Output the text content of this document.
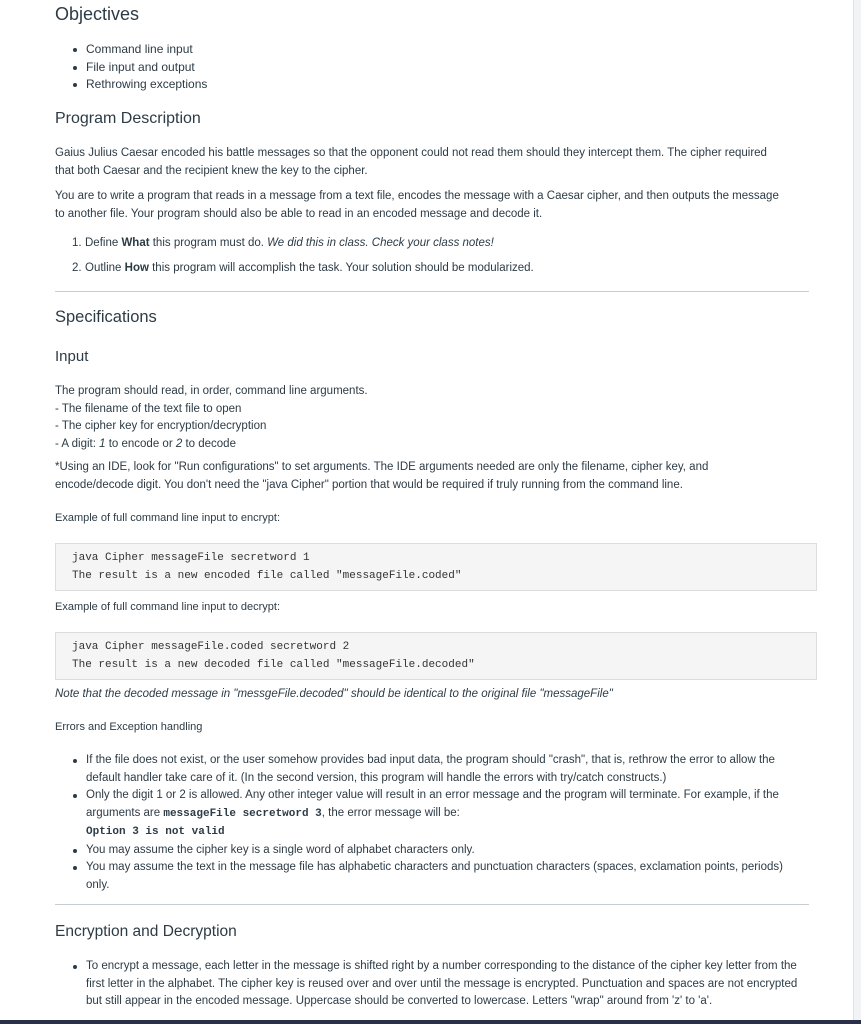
Objectives
Command line input
File input and output
Rethrowing exceptions
Program Description

Gaius Julius Caesar encoded his battle messages so that the opponent could not read them should they intercept them. The cipher required that both Caesar and the recipient knew the key to the cipher.

You are to write a program that reads in a message from a text file, encodes the message with a Caesar cipher, and then outputs the message to another file. Your program should also be able to read in an encoded message and decode it.

1. Define What this program must do. We did this in class. Check your class notes!
2. Outline How this program will accomplish the task. Your solution should be modularized.
Specifications
Input
The program should read, in order, command line arguments.
- The filename of the text file to open
- The cipher key for encryption/decryption
- A digit: 1 to encode or 2 to decode

*Using an IDE, look for "Run configurations" to set arguments. The IDE arguments needed are only the filename, cipher key, and encode/decode digit. You don't need the "java Cipher" portion that would be required if truly running from the command line.

Example of full command line input to encrypt:
java Cipher messageFile secretword 1
The result is a new encoded file called "messageFile.coded"
Example of full command line input to decrypt:
java Cipher messageFile.coded secretword 2
The result is a new decoded file called "messageFile.decoded"
Note that the decoded message in "messgeFile.decoded" should be identical to the original file "messageFile"
Errors and Exception handling
If the file does not exist, or the user somehow provides bad input data, the program should "crash", that is, rethrow the error to allow the default handler take care of it. (In the second version, this program will handle the errors with try/catch constructs.)
Only the digit 1 or 2 is allowed. Any other integer value will result in an error message and the program will terminate. For example, if the arguments are messageFile secretword 3, the error message will be:
Option 3 is not valid
You may assume the cipher key is a single word of alphabet characters only.
You may assume the text in the message file has alphabetic characters and punctuation characters (spaces, exclamation points, periods) only.
Encryption and Decryption
To encrypt a message, each letter in the message is shifted right by a number corresponding to the distance of the cipher key letter from the first letter in the alphabet. The cipher key is reused over and over until the message is encrypted. Punctuation and spaces are not encrypted but still appear in the encoded message. Uppercase should be converted to lowercase. Letters "wrap" around from 'z' to 'a'.
